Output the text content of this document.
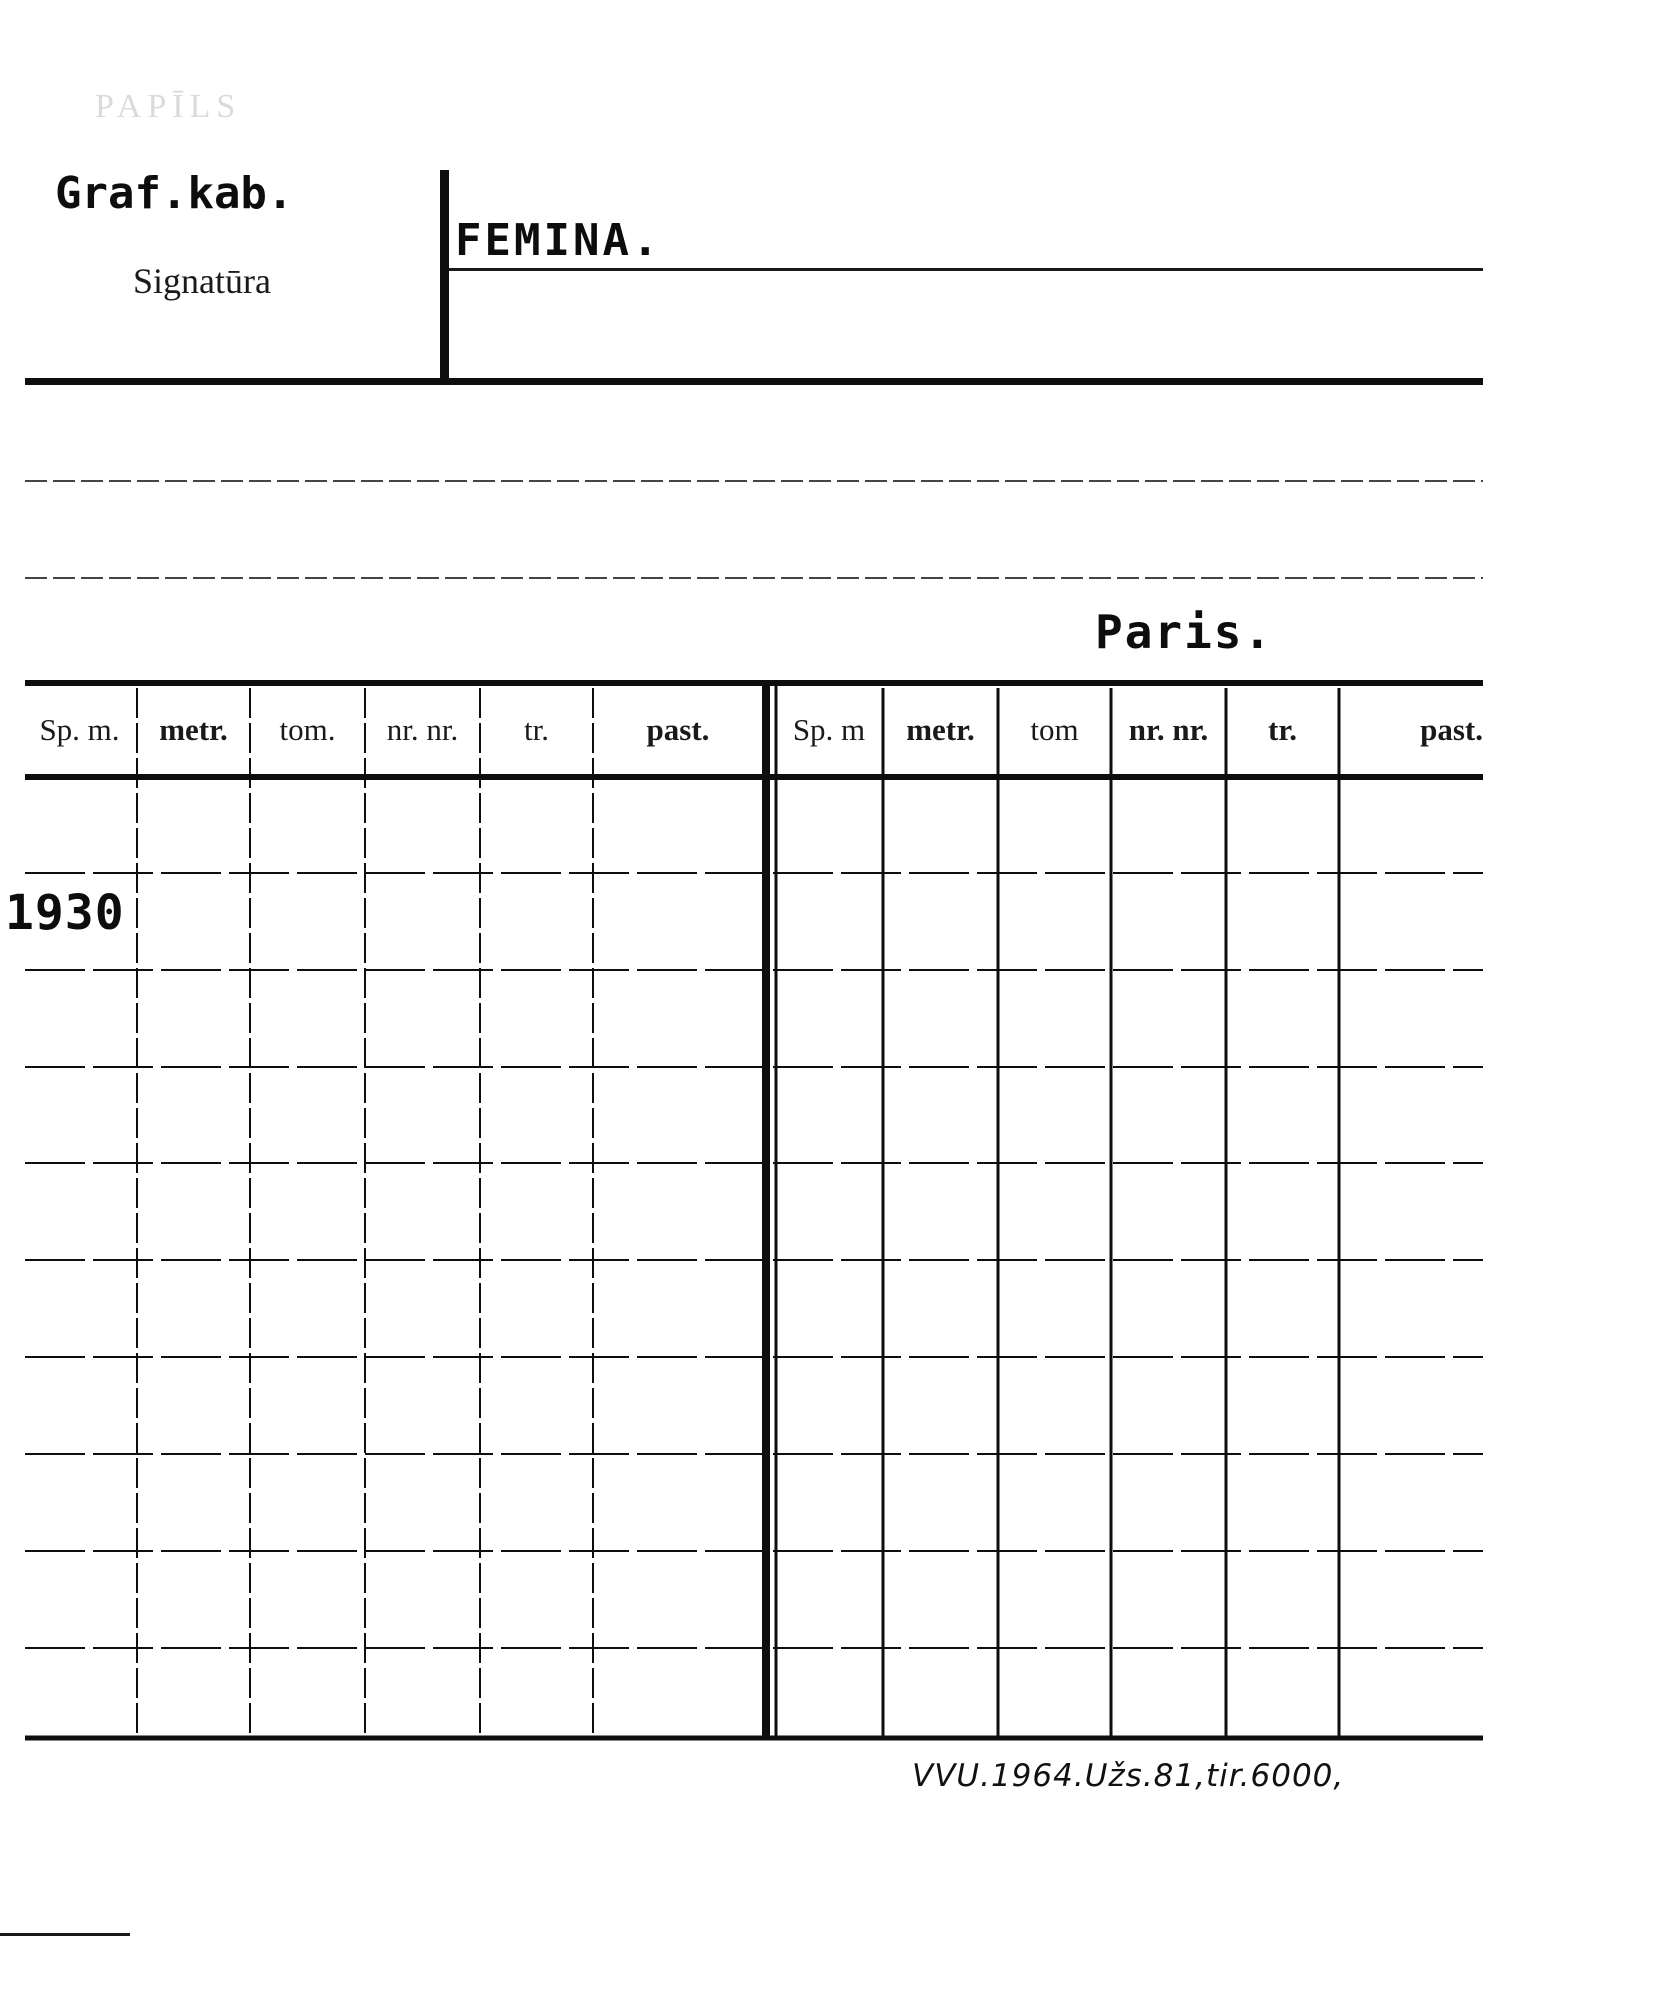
PAPĪLS
Graf.kab.
Signatūra
FEMINA.
Paris.
Sp. m.	metr.	tom.	nr. nr.	tr.	past.	Sp. m	metr.	tom	nr. nr.	tr.	past.
1930
VVU.1964.Užs.81,tir.6000,
